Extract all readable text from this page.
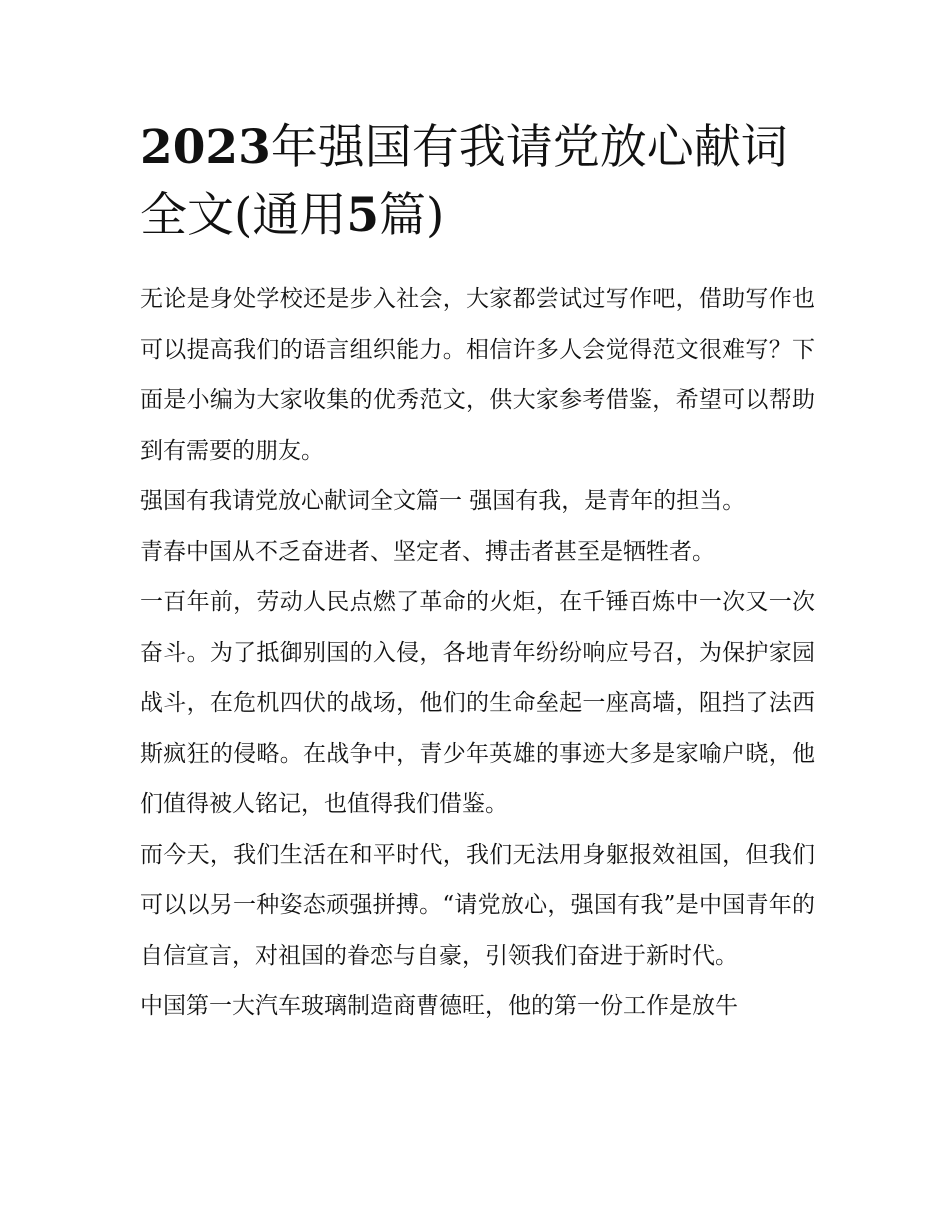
2023年强国有我请党放心献词全文(通用5篇)

无论是身处学校还是步入社会，大家都尝试过写作吧，借助写作也可以提高我们的语言组织能力。相信许多人会觉得范文很难写？下面是小编为大家收集的优秀范文，供大家参考借鉴，希望可以帮助到有需要的朋友。

强国有我请党放心献词全文篇一 强国有我，是青年的担当。

青春中国从不乏奋进者、坚定者、搏击者甚至是牺牲者。

一百年前，劳动人民点燃了革命的火炬，在千锤百炼中一次又一次奋斗。为了抵御别国的入侵，各地青年纷纷响应号召，为保护家园战斗，在危机四伏的战场，他们的生命垒起一座高墙，阻挡了法西斯疯狂的侵略。在战争中，青少年英雄的事迹大多是家喻户晓，他们值得被人铭记，也值得我们借鉴。

而今天，我们生活在和平时代，我们无法用身躯报效祖国，但我们可以以另一种姿态顽强拼搏。“请党放心，强国有我”是中国青年的自信宣言，对祖国的眷恋与自豪，引领我们奋进于新时代。

中国第一大汽车玻璃制造商曹德旺，他的第一份工作是放牛
